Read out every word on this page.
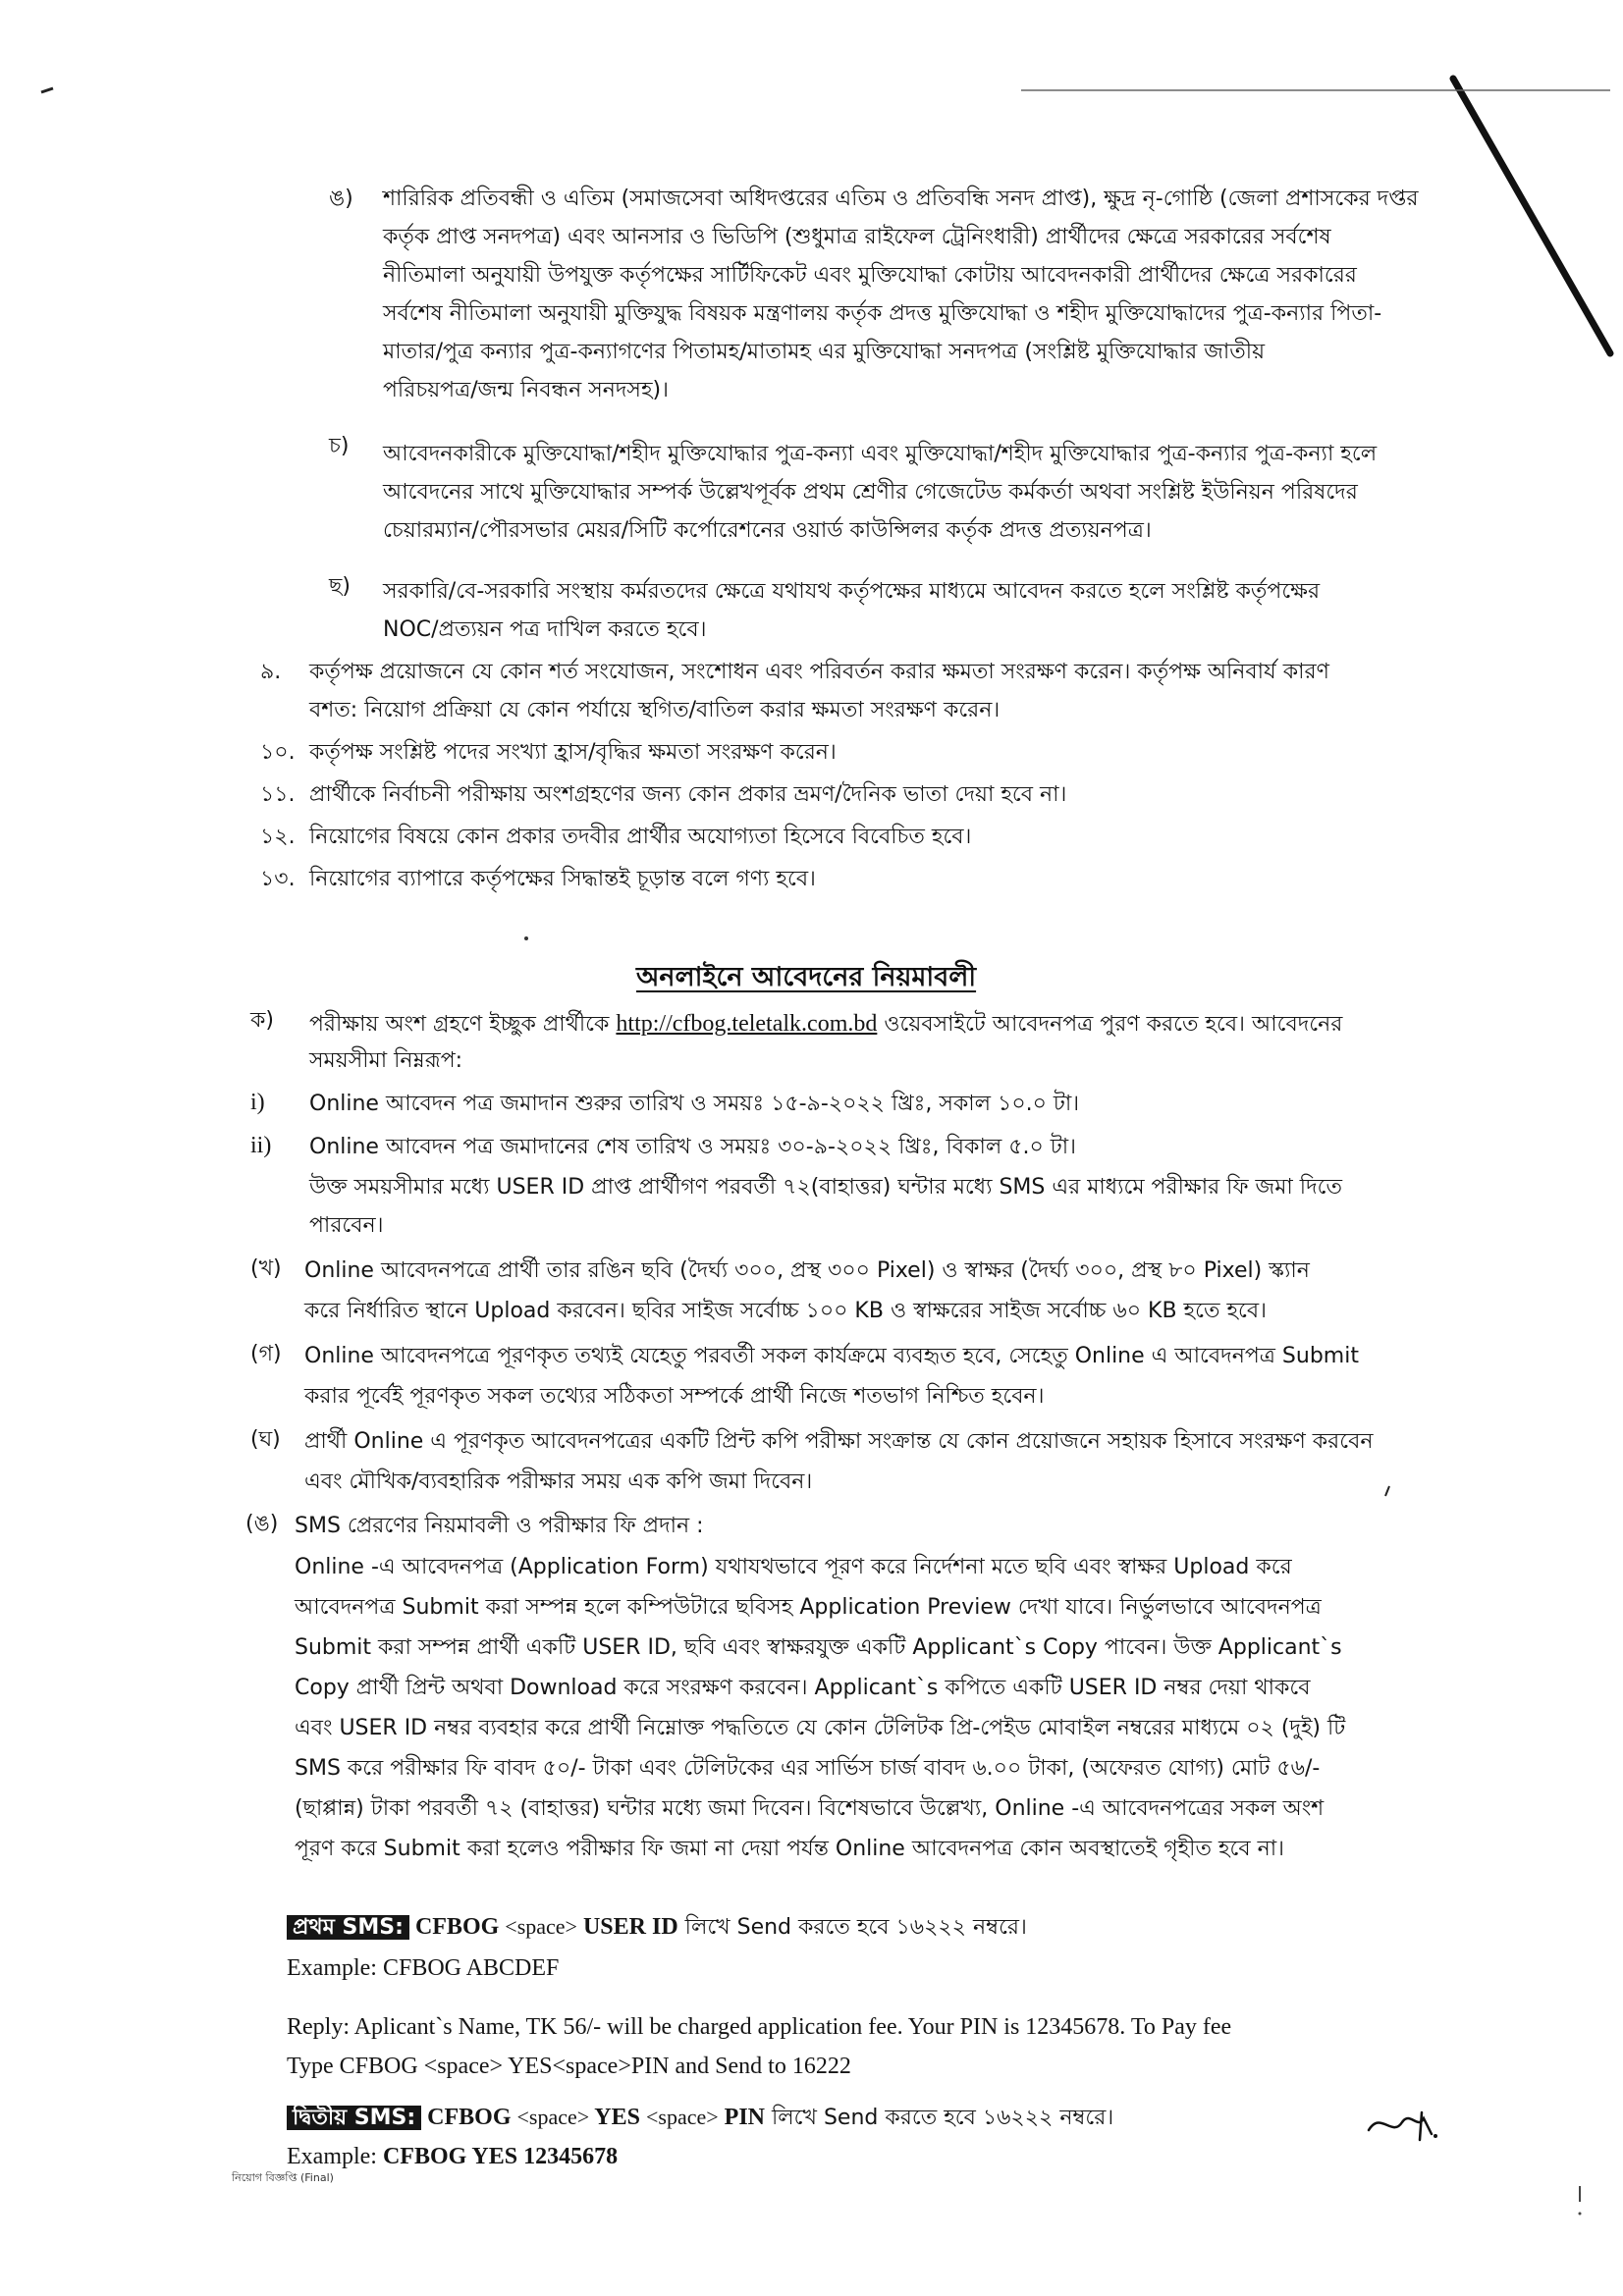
ঙ) শারিরিক প্রতিবন্ধী ও এতিম (সমাজসেবা অধিদপ্তরের এতিম ও প্রতিবন্ধি সনদ প্রাপ্ত), ক্ষুদ্র নৃ-গোষ্ঠি (জেলা প্রশাসকের দপ্তর
কর্তৃক প্রাপ্ত সনদপত্র) এবং আনসার ও ভিডিপি (শুধুমাত্র রাইফেল ট্রেনিংধারী) প্রার্থীদের ক্ষেত্রে সরকারের সর্বশেষ
নীতিমালা অনুযায়ী উপযুক্ত কর্তৃপক্ষের সার্টিফিকেট এবং মুক্তিযোদ্ধা কোটায় আবেদনকারী প্রার্থীদের ক্ষেত্রে সরকারের
সর্বশেষ নীতিমালা অনুযায়ী মুক্তিযুদ্ধ বিষয়ক মন্ত্রণালয় কর্তৃক প্রদত্ত মুক্তিযোদ্ধা ও শহীদ মুক্তিযোদ্ধাদের পুত্র-কন্যার পিতা-
মাতার/পুত্র কন্যার পুত্র-কন্যাগণের পিতামহ/মাতামহ এর মুক্তিযোদ্ধা সনদপত্র (সংশ্লিষ্ট মুক্তিযোদ্ধার জাতীয়
পরিচয়পত্র/জন্ম নিবন্ধন সনদসহ)।
চ) আবেদনকারীকে মুক্তিযোদ্ধা/শহীদ মুক্তিযোদ্ধার পুত্র-কন্যা এবং মুক্তিযোদ্ধা/শহীদ মুক্তিযোদ্ধার পুত্র-কন্যার পুত্র-কন্যা হলে
আবেদনের সাথে মুক্তিযোদ্ধার সম্পর্ক উল্লেখপূর্বক প্রথম শ্রেণীর গেজেটেড কর্মকর্তা অথবা সংশ্লিষ্ট ইউনিয়ন পরিষদের
চেয়ারম্যান/পৌরসভার মেয়র/সিটি কর্পোরেশনের ওয়ার্ড কাউন্সিলর কর্তৃক প্রদত্ত প্রত্যয়নপত্র।
ছ) সরকারি/বে-সরকারি সংস্থায় কর্মরতদের ক্ষেত্রে যথাযথ কর্তৃপক্ষের মাধ্যমে আবেদন করতে হলে সংশ্লিষ্ট কর্তৃপক্ষের
NOC/প্রত্যয়ন পত্র দাখিল করতে হবে।
৯. কর্তৃপক্ষ প্রয়োজনে যে কোন শর্ত সংযোজন, সংশোধন এবং পরিবর্তন করার ক্ষমতা সংরক্ষণ করেন। কর্তৃপক্ষ অনিবার্য কারণ
বশত: নিয়োগ প্রক্রিয়া যে কোন পর্যায়ে স্থগিত/বাতিল করার ক্ষমতা সংরক্ষণ করেন।
১০. কর্তৃপক্ষ সংশ্লিষ্ট পদের সংখ্যা হ্রাস/বৃদ্ধির ক্ষমতা সংরক্ষণ করেন।
১১. প্রার্থীকে নির্বাচনী পরীক্ষায় অংশগ্রহণের জন্য কোন প্রকার ভ্রমণ/দৈনিক ভাতা দেয়া হবে না।
১২. নিয়োগের বিষয়ে কোন প্রকার তদবীর প্রার্থীর অযোগ্যতা হিসেবে বিবেচিত হবে।
১৩. নিয়োগের ব্যাপারে কর্তৃপক্ষের সিদ্ধান্তই চূড়ান্ত বলে গণ্য হবে।
অনলাইনে আবেদনের নিয়মাবলী
ক) পরীক্ষায় অংশ গ্রহণে ইচ্ছুক প্রার্থীকে http://cfbog.teletalk.com.bd ওয়েবসাইটে আবেদনপত্র পুরণ করতে হবে। আবেদনের
সময়সীমা নিম্নরূপ:
i) Online আবেদন পত্র জমাদান শুরুর তারিখ ও সময়ঃ ১৫-৯-২০২২ খ্রিঃ, সকাল ১০.০ টা।
ii) Online আবেদন পত্র জমাদানের শেষ তারিখ ও সময়ঃ ৩০-৯-২০২২ খ্রিঃ, বিকাল ৫.০ টা।
উক্ত সময়সীমার মধ্যে USER ID প্রাপ্ত প্রার্থীগণ পরবর্তী ৭২(বাহাত্তর) ঘন্টার মধ্যে SMS এর মাধ্যমে পরীক্ষার ফি জমা দিতে
পারবেন।
(খ) Online আবেদনপত্রে প্রার্থী তার রঙিন ছবি (দৈর্ঘ্য ৩০০, প্রস্থ ৩০০ Pixel) ও স্বাক্ষর (দৈর্ঘ্য ৩০০, প্রস্থ ৮০ Pixel) স্ক্যান
করে নির্ধারিত স্থানে Upload করবেন। ছবির সাইজ সর্বোচ্চ ১০০ KB ও স্বাক্ষরের সাইজ সর্বোচ্চ ৬০ KB হতে হবে।
(গ) Online আবেদনপত্রে পূরণকৃত তথ্যই যেহেতু পরবর্তী সকল কার্যক্রমে ব্যবহৃত হবে, সেহেতু Online এ আবেদনপত্র Submit
করার পূর্বেই পূরণকৃত সকল তথ্যের সঠিকতা সম্পর্কে প্রার্থী নিজে শতভাগ নিশ্চিত হবেন।
(ঘ) প্রার্থী Online এ পূরণকৃত আবেদনপত্রের একটি প্রিন্ট কপি পরীক্ষা সংক্রান্ত যে কোন প্রয়োজনে সহায়ক হিসাবে সংরক্ষণ করবেন
এবং মৌখিক/ব্যবহারিক পরীক্ষার সময় এক কপি জমা দিবেন।
(ঙ) SMS প্রেরণের নিয়মাবলী ও পরীক্ষার ফি প্রদান :
Online -এ আবেদনপত্র (Application Form) যথাযথভাবে পূরণ করে নির্দেশনা মতে ছবি এবং স্বাক্ষর Upload করে
আবেদনপত্র Submit করা সম্পন্ন হলে কম্পিউটারে ছবিসহ Application Preview দেখা যাবে। নির্ভুলভাবে আবেদনপত্র
Submit করা সম্পন্ন প্রার্থী একটি USER ID, ছবি এবং স্বাক্ষরযুক্ত একটি Applicant`s Copy পাবেন। উক্ত Applicant`s
Copy প্রার্থী প্রিন্ট অথবা Download করে সংরক্ষণ করবেন। Applicant`s কপিতে একটি USER ID নম্বর দেয়া থাকবে
এবং USER ID নম্বর ব্যবহার করে প্রার্থী নিম্নোক্ত পদ্ধতিতে যে কোন টেলিটক প্রি-পেইড মোবাইল নম্বরের মাধ্যমে ০২ (দুই) টি
SMS করে পরীক্ষার ফি বাবদ ৫০/- টাকা এবং টেলিটকের এর সার্ভিস চার্জ বাবদ ৬.০০ টাকা, (অফেরত যোগ্য) মোট ৫৬/-
(ছাপ্পান্ন) টাকা পরবর্তী ৭২ (বাহাত্তর) ঘন্টার মধ্যে জমা দিবেন। বিশেষভাবে উল্লেখ্য, Online -এ আবেদনপত্রের সকল অংশ
পূরণ করে Submit করা হলেও পরীক্ষার ফি জমা না দেয়া পর্যন্ত Online আবেদনপত্র কোন অবস্থাতেই গৃহীত হবে না।
প্রথম SMS: CFBOG <space> USER ID লিখে Send করতে হবে ১৬২২২ নম্বরে।
Example: CFBOG ABCDEF
Reply: Aplicant`s Name, TK 56/- will be charged application fee. Your PIN is 12345678. To Pay fee
Type CFBOG <space> YES<space>PIN and Send to 16222
দ্বিতীয় SMS: CFBOG <space> YES <space> PIN লিখে Send করতে হবে ১৬২২২ নম্বরে।
Example: CFBOG YES 12345678
নিয়োগ বিজ্ঞপ্তি (Final)
